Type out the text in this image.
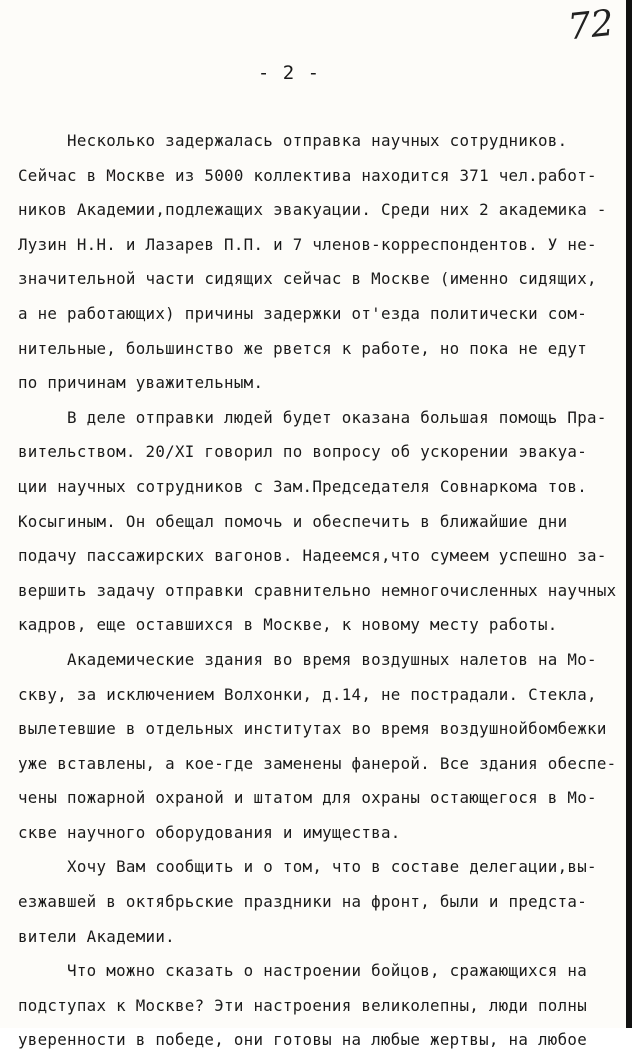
72
- 2 -
Несколько задержалась отправка научных сотрудников.
Сейчас в Москве из 5000 коллектива находится 371 чел.работ-
ников Академии,подлежащих эвакуации. Среди них 2 академика -
Лузин Н.Н. и Лазарев П.П. и 7 членов-корреспондентов. У не-
значительной части сидящих сейчас в Москве (именно сидящих,
а не работающих) причины задержки от'езда политически сом-
нительные, большинство же рвется к работе, но пока не едут
по причинам уважительным.
В деле отправки людей будет оказана большая помощь Пра-
вительством. 20/XI говорил по вопросу об ускорении эвакуа-
ции научных сотрудников с Зам.Председателя Совнаркома тов.
Косыгиным. Он обещал помочь и обеспечить в ближайшие дни
подачу пассажирских вагонов. Надеемся,что сумеем успешно за-
вершить задачу отправки сравнительно немногочисленных научных
кадров, еще оставшихся в Москве, к новому месту работы.
Академические здания во время воздушных налетов на Мо-
скву, за исключением Волхонки, д.14, не пострадали. Стекла,
вылетевшие в отдельных институтах во время воздушнойбомбежки
уже вставлены, а кое-где заменены фанерой. Все здания обеспе-
чены пожарной охраной и штатом для охраны остающегося в Мо-
скве научного оборудования и имущества.
Хочу Вам сообщить и о том, что в составе делегации,вы-
езжавшей в октябрьские праздники на фронт, были и предста-
вители Академии.
Что можно сказать о настроении бойцов, сражающихся на
подступах к Москве? Эти настроения великолепны, люди полны
уверенности в победе, они готовы на любые жертвы, на любое
